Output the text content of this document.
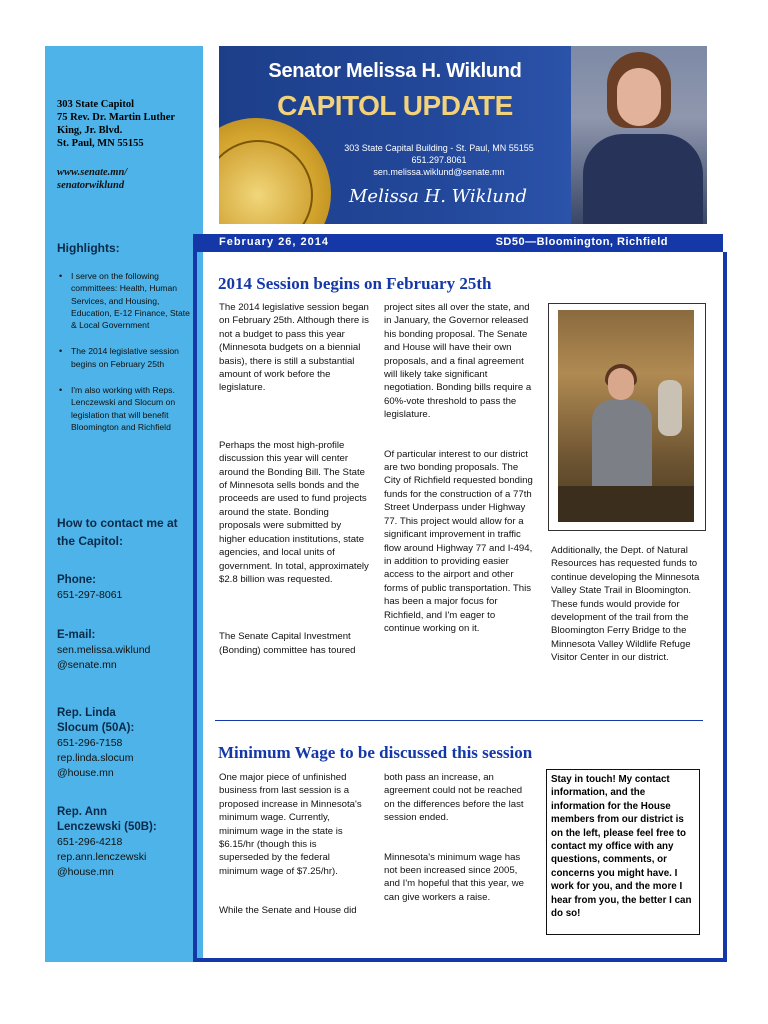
303 State Capitol
75 Rev. Dr. Martin Luther
King, Jr. Blvd.
St. Paul, MN 55155
www.senate.mn/
senatorwiklund
Highlights:
• I serve on the following committees: Health, Human Services, and Housing, Education, E-12 Finance, State & Local Government
• The 2014 legislative session begins on February 25th
• I'm also working with Reps. Lenczewski and Slocum on legislation that will benefit Bloomington and Richfield
How to contact me at the Capitol:
Phone:
651-297-8061
E-mail:
sen.melissa.wiklund
@senate.mn
Rep. Linda
Slocum (50A):
651-296-7158
rep.linda.slocum
@house.mn
Rep. Ann
Lenczewski (50B):
651-296-4218
rep.ann.lenczewski
@house.mn
Senator Melissa H. Wiklund
CAPITOL UPDATE
303 State Capital Building - St. Paul, MN 55155
651.297.8061
sen.melissa.wiklund@senate.mn
Melissa H. Wiklund
February 26, 2014	SD50—Bloomington, Richfield
2014 Session begins on February 25th

The 2014 legislative session began on February 25th. Although there is not a budget to pass this year (Minnesota budgets on a biennial basis), there is still a substantial amount of work before the legislature.

Perhaps the most high-profile discussion this year will center around the Bonding Bill. The State of Minnesota sells bonds and the proceeds are used to fund projects around the state. Bonding proposals were submitted by higher education institutions, state agencies, and local units of government. In total, approximately $2.8 billion was requested.

The Senate Capital Investment (Bonding) committee has toured

project sites all over the state, and in January, the Governor released his bonding proposal. The Senate and House will have their own proposals, and a final agreement will likely take significant negotiation. Bonding bills require a 60%-vote threshold to pass the legislature.

Of particular interest to our district are two bonding proposals. The City of Richfield requested bonding funds for the construction of a 77th Street Underpass under Highway 77. This project would allow for a significant improvement in traffic flow around Highway 77 and I-494, in addition to providing easier access to the airport and other forms of public transportation. This has been a major focus for Richfield, and I'm eager to continue working on it.

Additionally, the Dept. of Natural Resources has requested funds to continue developing the Minnesota Valley State Trail in Bloomington. These funds would provide for development of the trail from the Bloomington Ferry Bridge to the Minnesota Valley Wildlife Refuge Visitor Center in our district.

Minimum Wage to be discussed this session

One major piece of unfinished business from last session is a proposed increase in Minnesota's minimum wage. Currently, minimum wage in the state is $6.15/hr (though this is superseded by the federal minimum wage of $7.25/hr).

While the Senate and House did

both pass an increase, an agreement could not be reached on the differences before the last session ended.

Minnesota's minimum wage has not been increased since 2005, and I'm hopeful that this year, we can give workers a raise.

Stay in touch! My contact information, and the information for the House members from our district is on the left, please feel free to contact my office with any questions, comments, or concerns you might have. I work for you, and the more I hear from you, the better I can do so!
